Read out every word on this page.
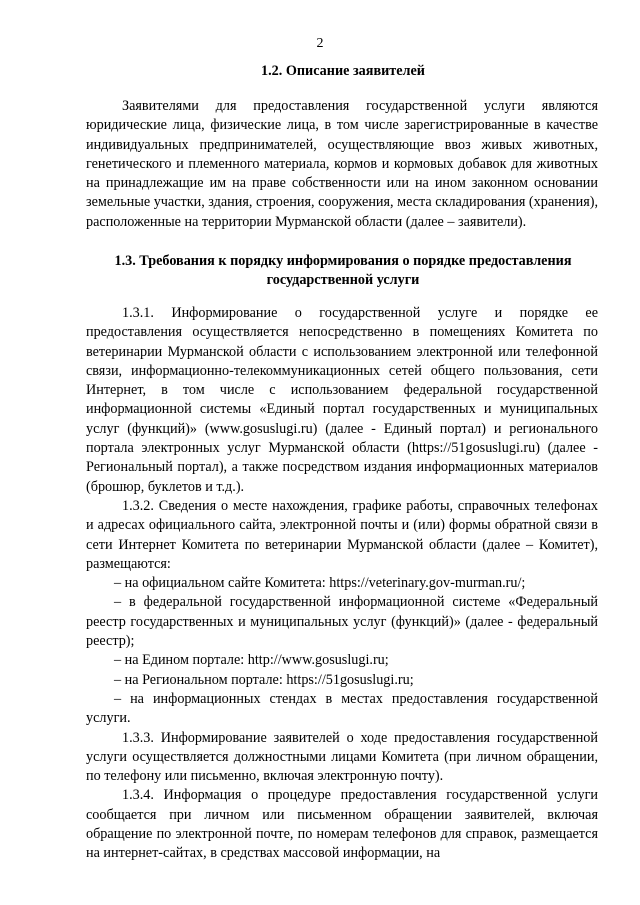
2
1.2. Описание заявителей

Заявителями для предоставления государственной услуги являются юридические лица, физические лица, в том числе зарегистрированные в качестве индивидуальных предпринимателей, осуществляющие ввоз живых животных, генетического и племенного материала, кормов и кормовых добавок для животных на принадлежащие им на праве собственности или на ином законном основании земельные участки, здания, строения, сооружения, места складирования (хранения), расположенные на территории Мурманской области (далее – заявители).

1.3. Требования к порядку информирования о порядке предоставления государственной услуги

1.3.1. Информирование о государственной услуге и порядке ее предоставления осуществляется непосредственно в помещениях Комитета по ветеринарии Мурманской области с использованием электронной или телефонной связи, информационно-телекоммуникационных сетей общего пользования, сети Интернет, в том числе с использованием федеральной государственной информационной системы «Единый портал государственных и муниципальных услуг (функций)» (www.gosuslugi.ru) (далее - Единый портал) и регионального портала электронных услуг Мурманской области (https://51gosuslugi.ru) (далее - Региональный портал), а также посредством издания информационных материалов (брошюр, буклетов и т.д.).

1.3.2. Сведения о месте нахождения, графике работы, справочных телефонах и адресах официального сайта, электронной почты и (или) формы обратной связи в сети Интернет Комитета по ветеринарии Мурманской области (далее – Комитет), размещаются:

– на официальном сайте Комитета: https://veterinary.gov-murman.ru/;

– в федеральной государственной информационной системе «Федеральный реестр государственных и муниципальных услуг (функций)» (далее - федеральный реестр);

– на Едином портале: http://www.gosuslugi.ru;

– на Региональном портале: https://51gosuslugi.ru;

– на информационных стендах в местах предоставления государственной услуги.

1.3.3. Информирование заявителей о ходе предоставления государственной услуги осуществляется должностными лицами Комитета (при личном обращении, по телефону или письменно, включая электронную почту).

1.3.4. Информация о процедуре предоставления государственной услуги сообщается при личном или письменном обращении заявителей, включая обращение по электронной почте, по номерам телефонов для справок, размещается на интернет-сайтах, в средствах массовой информации, на
